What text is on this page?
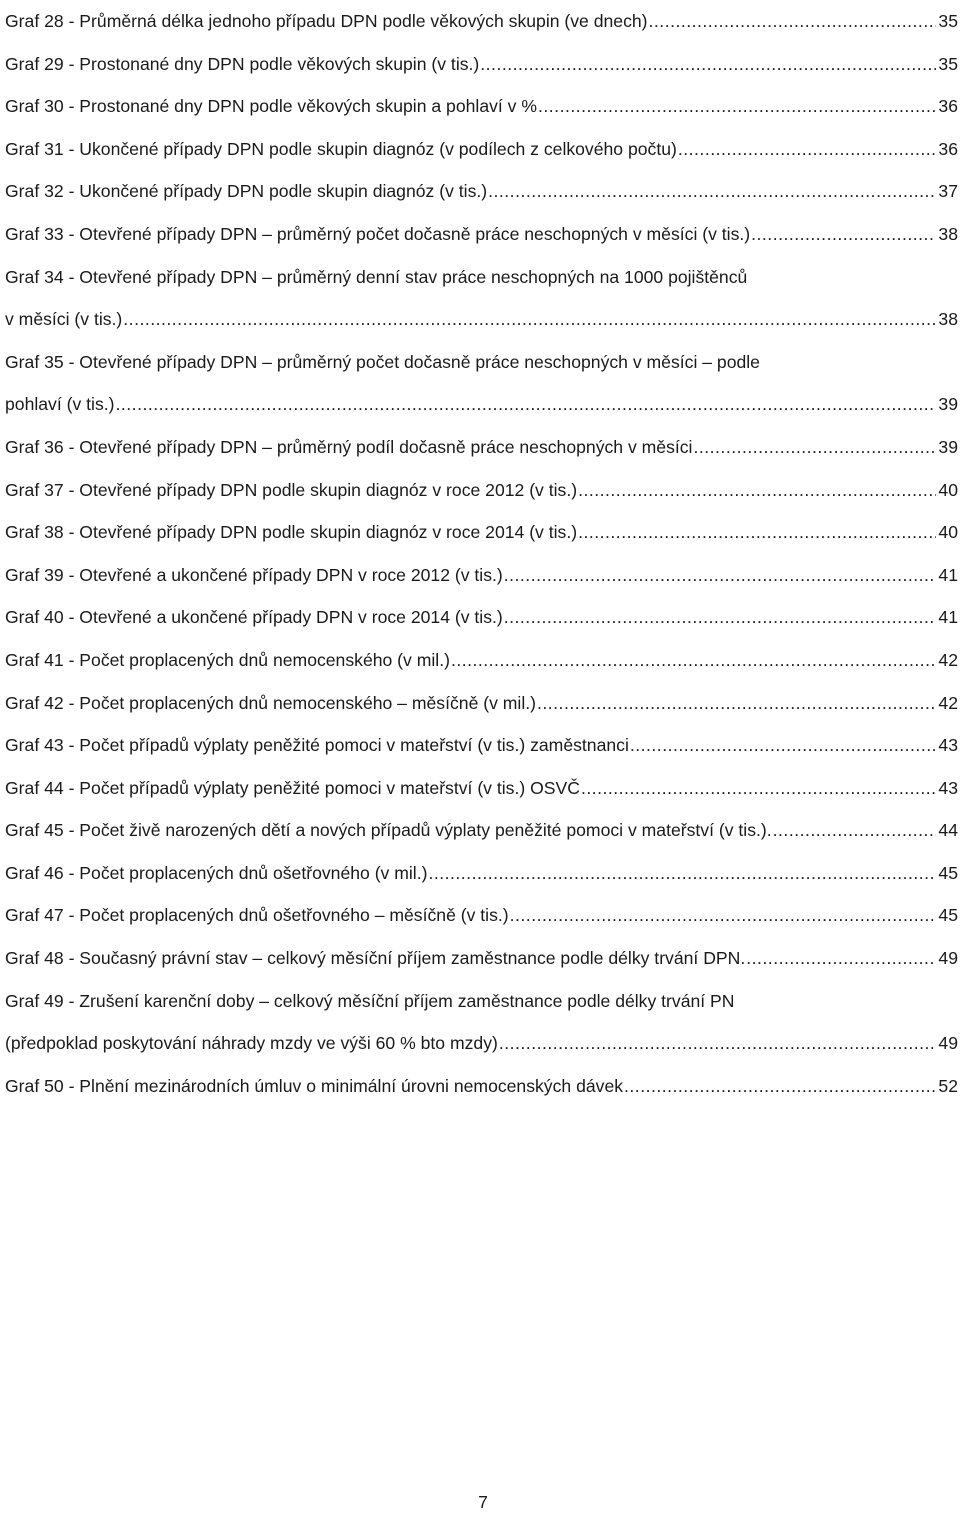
Graf 28 - Průměrná délka jednoho případu DPN podle věkových skupin (ve dnech) .....	35
Graf 29 - Prostonané dny DPN podle věkových skupin (v tis.) .....	35
Graf 30 - Prostonané dny DPN podle věkových skupin a pohlaví v % .....	36
Graf 31 - Ukončené případy DPN podle skupin diagnóz (v podílech z celkového počtu) .....	36
Graf 32 - Ukončené případy DPN podle skupin diagnóz (v tis.) .....	37
Graf 33 - Otevřené případy DPN – průměrný počet dočasně práce neschopných v měsíci (v tis.) .....	38
Graf 34 - Otevřené případy DPN – průměrný denní stav práce neschopných na 1000 pojištěnců
v měsíci (v tis.) .....	38
Graf 35 - Otevřené případy DPN – průměrný počet dočasně práce neschopných v měsíci – podle
pohlaví (v tis.) .....	39
Graf 36 - Otevřené případy DPN – průměrný podíl dočasně práce neschopných v měsíci .....	39
Graf 37 - Otevřené případy DPN podle skupin diagnóz v roce 2012 (v tis.) .....	40
Graf 38 - Otevřené případy DPN podle skupin diagnóz v roce 2014 (v tis.) .....	40
Graf 39 - Otevřené a ukončené případy DPN v roce 2012 (v tis.) .....	41
Graf 40 - Otevřené a ukončené případy DPN v roce 2014 (v tis.) .....	41
Graf 41 - Počet proplacených dnů nemocenského (v mil.) .....	42
Graf 42 - Počet proplacených dnů nemocenského – měsíčně (v mil.) .....	42
Graf 43 - Počet případů výplaty peněžité pomoci v mateřství (v tis.) zaměstnanci .....	43
Graf 44 - Počet případů výplaty peněžité pomoci v mateřství (v tis.) OSVČ .....	43
Graf 45 - Počet živě narozených dětí a nových případů výplaty peněžité pomoci v mateřství (v tis.). .....	44
Graf 46 - Počet proplacených dnů ošetřovného (v mil.) .....	45
Graf 47 - Počet proplacených dnů ošetřovného – měsíčně (v tis.) .....	45
Graf 48 - Současný právní stav – celkový měsíční příjem zaměstnance podle délky trvání DPN. .....	49
Graf 49 - Zrušení karenční doby – celkový měsíční příjem zaměstnance podle délky trvání PN
(předpoklad poskytování náhrady mzdy ve výši 60 % bto mzdy) .....	49
Graf 50 - Plnění mezinárodních úmluv o minimální úrovni nemocenských dávek .....	52
7
